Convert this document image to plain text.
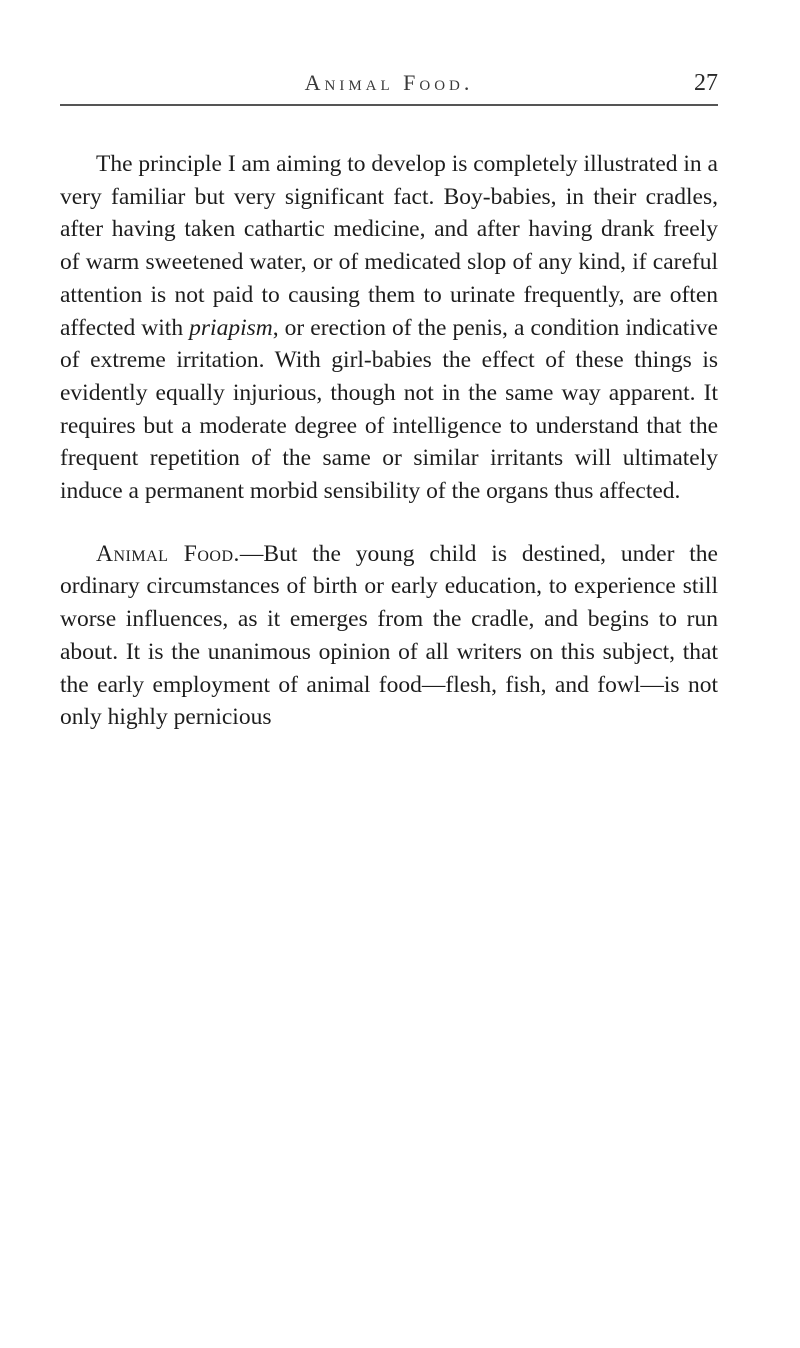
Animal Food.	27

The principle I am aiming to develop is completely illustrated in a very familiar but very significant fact. Boy-babies, in their cradles, after having taken cathartic medicine, and after having drank freely of warm sweetened water, or of medicated slop of any kind, if careful attention is not paid to causing them to urinate frequently, are often affected with priapism, or erection of the penis, a condition indicative of extreme irritation. With girl-babies the effect of these things is evidently equally injurious, though not in the same way apparent. It requires but a moderate degree of intelligence to understand that the frequent repetition of the same or similar irritants will ultimately induce a permanent morbid sensibility of the organs thus affected.

Animal Food.—But the young child is destined, under the ordinary circumstances of birth or early education, to experience still worse influences, as it emerges from the cradle, and begins to run about. It is the unanimous opinion of all writers on this subject, that the early employment of animal food—flesh, fish, and fowl—is not only highly pernicious
